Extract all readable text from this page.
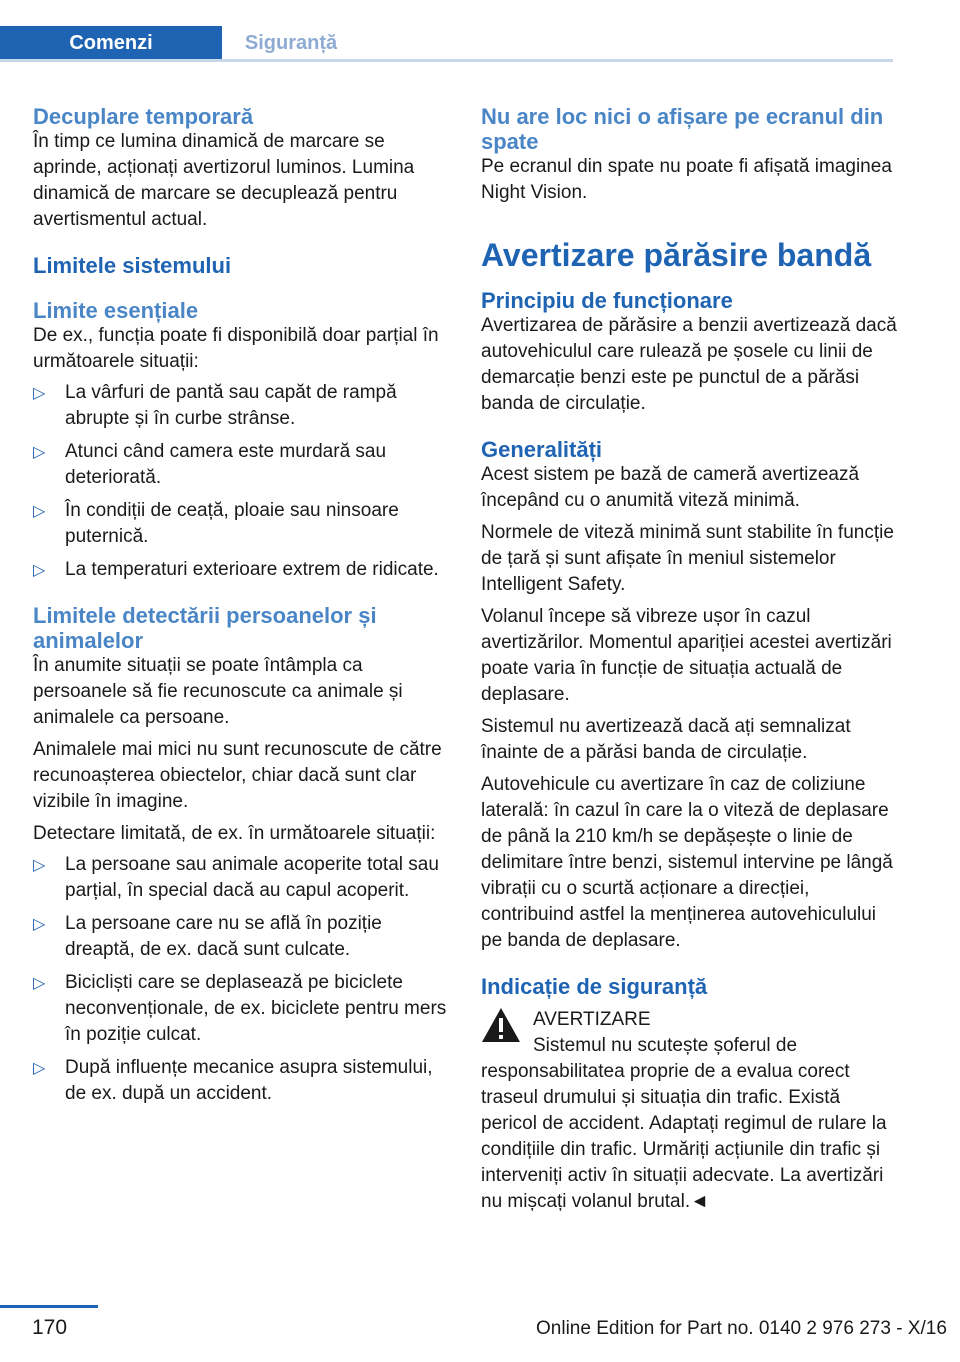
Comenzi	Siguranță
Decuplare temporară

În timp ce lumina dinamică de marcare se aprinde, acționați avertizorul luminos. Lumina dinamică de marcare se decuplează pentru avertismentul actual.

Limitele sistemului
Limite esențiale

De ex., funcția poate fi disponibilă doar parțial în următoarele situații:

▷ La vârfuri de pantă sau capăt de rampă abrupte și în curbe strânse.
▷ Atunci când camera este murdară sau deteriorată.
▷ În condiții de ceață, ploaie sau ninsoare puternică.
▷ La temperaturi exterioare extrem de ridicate.
Limitele detectării persoanelor și animalelor

În anumite situații se poate întâmpla ca persoanele să fie recunoscute ca animale și animalele ca persoane.

Animalele mai mici nu sunt recunoscute de către recunoașterea obiectelor, chiar dacă sunt clar vizibile în imagine.

Detectare limitată, de ex. în următoarele situații:

▷ La persoane sau animale acoperite total sau parțial, în special dacă au capul acoperit.
▷ La persoane care nu se află în poziție dreaptă, de ex. dacă sunt culcate.
▷ Bicicliști care se deplasează pe biciclete neconvenționale, de ex. biciclete pentru mers în poziție culcat.
▷ După influențe mecanice asupra sistemului, de ex. după un accident.
Nu are loc nici o afișare pe ecranul din spate

Pe ecranul din spate nu poate fi afișată imaginea Night Vision.

Avertizare părăsire bandă
Principiu de funcționare

Avertizarea de părăsire a benzii avertizează dacă autovehiculul care rulează pe șosele cu linii de demarcație benzi este pe punctul de a părăsi banda de circulație.

Generalități

Acest sistem pe bază de cameră avertizează începând cu o anumită viteză minimă.

Normele de viteză minimă sunt stabilite în funcție de țară și sunt afișate în meniul sistemelor Intelligent Safety.

Volanul începe să vibreze ușor în cazul avertizărilor. Momentul apariției acestei avertizări poate varia în funcție de situația actuală de deplasare.

Sistemul nu avertizează dacă ați semnalizat înainte de a părăsi banda de circulație.

Autovehicule cu avertizare în caz de coliziune laterală: în cazul în care la o viteză de deplasare de până la 210 km/h se depășește o linie de delimitare între benzi, sistemul intervine pe lângă vibrații cu o scurtă acționare a direcției, contribuind astfel la menținerea autovehiculului pe banda de deplasare.

Indicație de siguranță
AVERTIZARE
Sistemul nu scutește șoferul de responsabilitatea proprie de a evalua corect traseul drumului și situația din trafic. Există pericol de accident. Adaptați regimul de rulare la condițiile din trafic. Urmăriți acțiunile din trafic și interveniți activ în situații adecvate. La avertizări nu mișcați volanul brutal.◄
170	Online Edition for Part no. 0140 2 976 273 - X/16
